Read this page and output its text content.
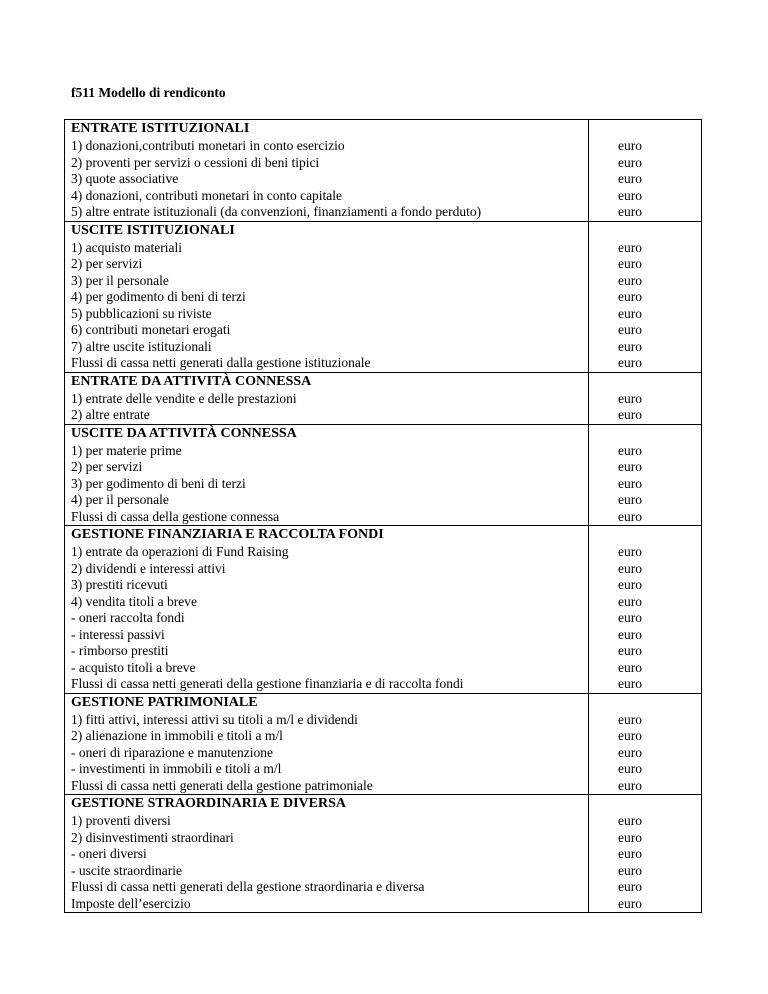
f511 Modello di rendiconto
ENTRATE ISTITUZIONALI
1) donazioni,contributi monetari in conto esercizio
2) proventi per servizi o cessioni di beni tipici
3) quote associative
4) donazioni, contributi monetari in conto capitale
5) altre entrate istituzionali (da convenzioni, finanziamenti a fondo perduto)
euro
euro
euro
euro
euro
USCITE ISTITUZIONALI
1) acquisto materiali
2) per servizi
3) per il personale
4) per godimento di beni di terzi
5) pubblicazioni su riviste
6) contributi monetari erogati
7) altre uscite istituzionali
Flussi di cassa netti generati dalla gestione istituzionale
euro
euro
euro
euro
euro
euro
euro
euro
ENTRATE DA ATTIVITÀ CONNESSA
1) entrate delle vendite e delle prestazioni
2) altre entrate
euro
euro
USCITE DA ATTIVITÀ CONNESSA
1) per materie prime
2) per servizi
3) per godimento di beni di terzi
4) per il personale
Flussi di cassa della gestione connessa
euro
euro
euro
euro
euro
GESTIONE FINANZIARIA E RACCOLTA FONDI
1) entrate da operazioni di Fund Raising
2) dividendi e interessi attivi
3) prestiti ricevuti
4) vendita titoli a breve
- oneri raccolta fondi
- interessi passivi
- rimborso prestiti
- acquisto titoli a breve
Flussi di cassa netti generati della gestione finanziaria e di raccolta fondi
euro
euro
euro
euro
euro
euro
euro
euro
euro
GESTIONE PATRIMONIALE
1) fitti attivi, interessi attivi su titoli a m/l e dividendi
2) alienazione in immobili e titoli a m/l
- oneri di riparazione e manutenzione
- investimenti in immobili e titoli a m/l
Flussi di cassa netti generati della gestione patrimoniale
euro
euro
euro
euro
euro
GESTIONE STRAORDINARIA E DIVERSA
1) proventi diversi
2) disinvestimenti straordinari
- oneri diversi
- uscite straordinarie
Flussi di cassa netti generati della gestione straordinaria e diversa
Imposte dell’esercizio
euro
euro
euro
euro
euro
euro
